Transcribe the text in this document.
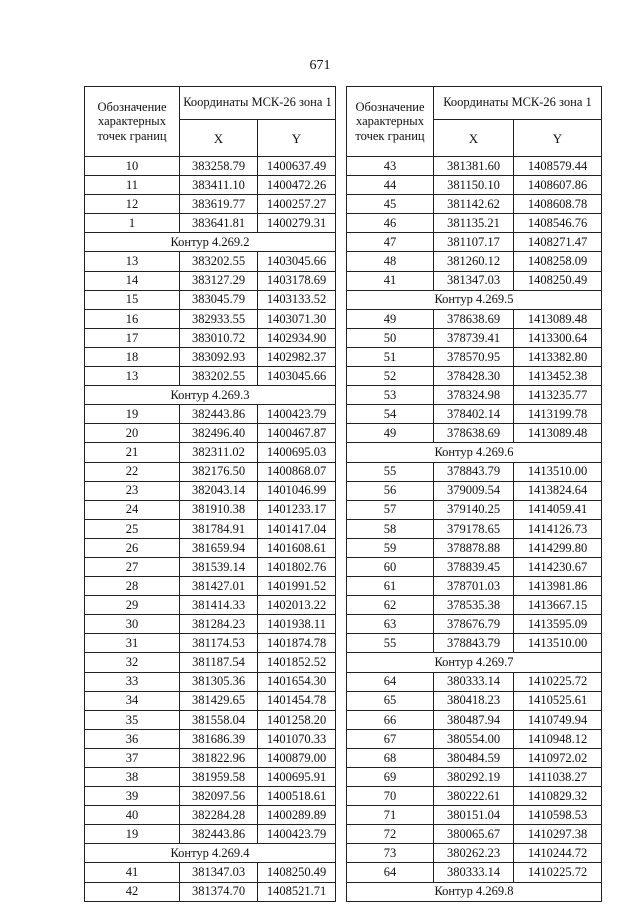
671
Обозначение характерных точек границ	Координаты МСК-26 зона 1	
	X	Y
10	383258.79	1400637.49
11	383411.10	1400472.26
12	383619.77	1400257.27
1	383641.81	1400279.31
Контур 4.269.2		
13	383202.55	1403045.66
14	383127.29	1403178.69
15	383045.79	1403133.52
16	382933.55	1403071.30
17	383010.72	1402934.90
18	383092.93	1402982.37
13	383202.55	1403045.66
Контур 4.269.3		
19	382443.86	1400423.79
20	382496.40	1400467.87
21	382311.02	1400695.03
22	382176.50	1400868.07
23	382043.14	1401046.99
24	381910.38	1401233.17
25	381784.91	1401417.04
26	381659.94	1401608.61
27	381539.14	1401802.76
28	381427.01	1401991.52
29	381414.33	1402013.22
30	381284.23	1401938.11
31	381174.53	1401874.78
32	381187.54	1401852.52
33	381305.36	1401654.30
34	381429.65	1401454.78
35	381558.04	1401258.20
36	381686.39	1401070.33
37	381822.96	1400879.00
38	381959.58	1400695.91
39	382097.56	1400518.61
40	382284.28	1400289.89
19	382443.86	1400423.79
Контур 4.269.4		
41	381347.03	1408250.49
42	381374.70	1408521.71
Обозначение характерных точек границ	Координаты МСК-26 зона 1	
	X	Y
43	381381.60	1408579.44
44	381150.10	1408607.86
45	381142.62	1408608.78
46	381135.21	1408546.76
47	381107.17	1408271.47
48	381260.12	1408258.09
41	381347.03	1408250.49
Контур 4.269.5		
49	378638.69	1413089.48
50	378739.41	1413300.64
51	378570.95	1413382.80
52	378428.30	1413452.38
53	378324.98	1413235.77
54	378402.14	1413199.78
49	378638.69	1413089.48
Контур 4.269.6		
55	378843.79	1413510.00
56	379009.54	1413824.64
57	379140.25	1414059.41
58	379178.65	1414126.73
59	378878.88	1414299.80
60	378839.45	1414230.67
61	378701.03	1413981.86
62	378535.38	1413667.15
63	378676.79	1413595.09
55	378843.79	1413510.00
Контур 4.269.7		
64	380333.14	1410225.72
65	380418.23	1410525.61
66	380487.94	1410749.94
67	380554.00	1410948.12
68	380484.59	1410972.02
69	380292.19	1411038.27
70	380222.61	1410829.32
71	380151.04	1410598.53
72	380065.67	1410297.38
73	380262.23	1410244.72
64	380333.14	1410225.72
Контур 4.269.8		
